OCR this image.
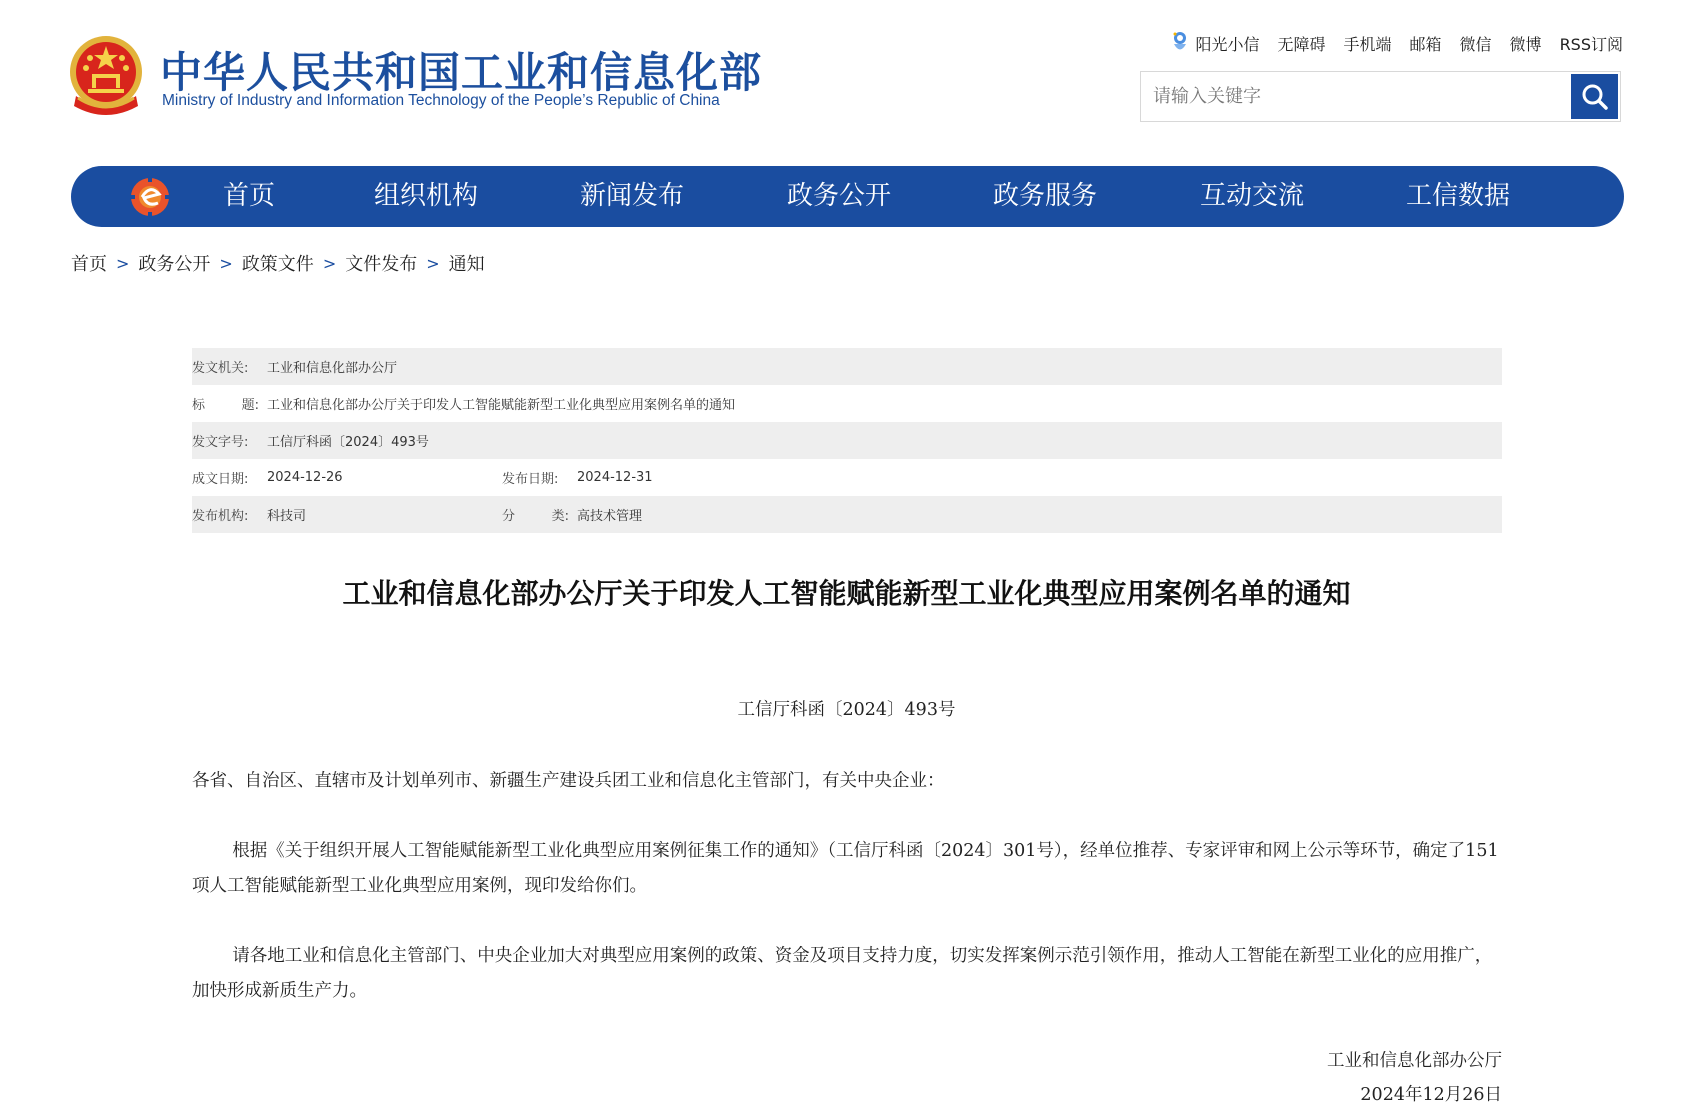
中华人民共和国工业和信息化部
Ministry of Industry and Information Technology of the People’s Republic of China
阳光小信 无障碍 手机端 邮箱 微信 微博 RSS订阅
请输入关键字
首页	组织机构	新闻发布	政务公开	政务服务	互动交流	工信数据
首页 > 政务公开 > 政策文件 > 文件发布 > 通知
发文机关:	工业和信息化部办公厅
标	题: 工业和信息化部办公厅关于印发人工智能赋能新型工业化典型应用案例名单的通知
发文字号:	工信厅科函〔2024〕493号
成文日期:	2024-12-26	发布日期:	2024-12-31
发布机构:	科技司	分	类: 高技术管理
工业和信息化部办公厅关于印发人工智能赋能新型工业化典型应用案例名单的通知
工信厅科函〔2024〕493号
各省、自治区、直辖市及计划单列市、新疆生产建设兵团工业和信息化主管部门，有关中央企业：
根据《关于组织开展人工智能赋能新型工业化典型应用案例征集工作的通知》（工信厅科函〔2024〕301号），经单位推荐、专家评审和网上公示等环节，确定了151项人工智能赋能新型工业化典型应用案例，现印发给你们。
请各地工业和信息化主管部门、中央企业加大对典型应用案例的政策、资金及项目支持力度，切实发挥案例示范引领作用，推动人工智能在新型工业化的应用推广，加快形成新质生产力。
工业和信息化部办公厅
2024年12月26日
